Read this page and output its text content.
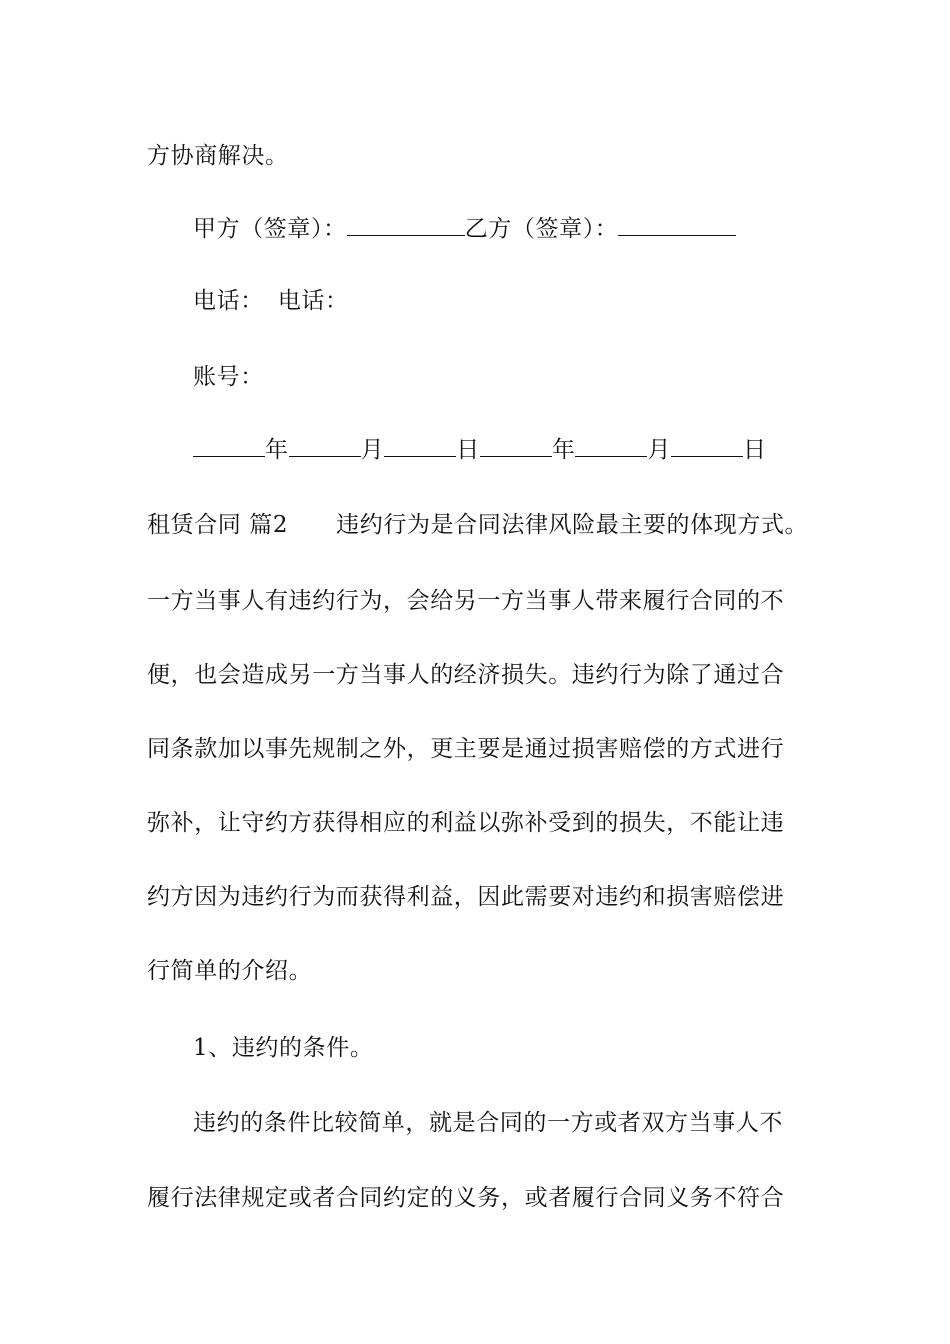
方协商解决。
甲方（签章）：	乙方（签章）：
电话： 电话：
账号：
年	月	日	年	月	日
租赁合同 篇2 违约行为是合同法律风险最主要的体现方式。
一方当事人有违约行为，会给另一方当事人带来履行合同的不
便，也会造成另一方当事人的经济损失。违约行为除了通过合
同条款加以事先规制之外，更主要是通过损害赔偿的方式进行
弥补，让守约方获得相应的利益以弥补受到的损失，不能让违
约方因为违约行为而获得利益，因此需要对违约和损害赔偿进
行简单的介绍。
1、违约的条件。
违约的条件比较简单，就是合同的一方或者双方当事人不
履行法律规定或者合同约定的义务，或者履行合同义务不符合
